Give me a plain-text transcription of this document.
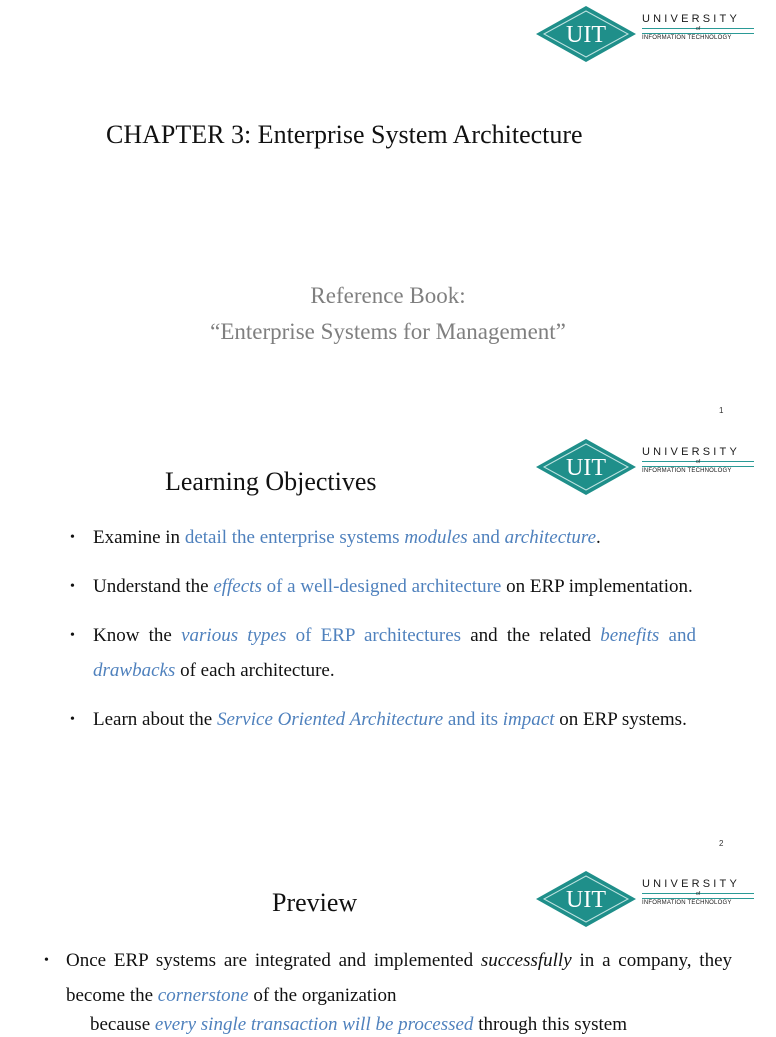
UIT
UNIVERSITY
of
INFORMATION TECHNOLOGY
CHAPTER 3: Enterprise System Architecture
Reference Book:
“Enterprise Systems for Management”
1
UIT
UNIVERSITY
of
INFORMATION TECHNOLOGY
Learning Objectives
• Examine in detail the enterprise systems modules and architecture.
• Understand the effects of a well-designed architecture on ERP implementation.
• Know the various types of ERP architectures and the related benefits and drawbacks of each architecture.
• Learn about the Service Oriented Architecture and its impact on ERP systems.
2
UIT
UNIVERSITY
of
INFORMATION TECHNOLOGY
Preview
• Once ERP systems are integrated and implemented successfully in a company, they become the cornerstone of the organization
because every single transaction will be processed through this system
